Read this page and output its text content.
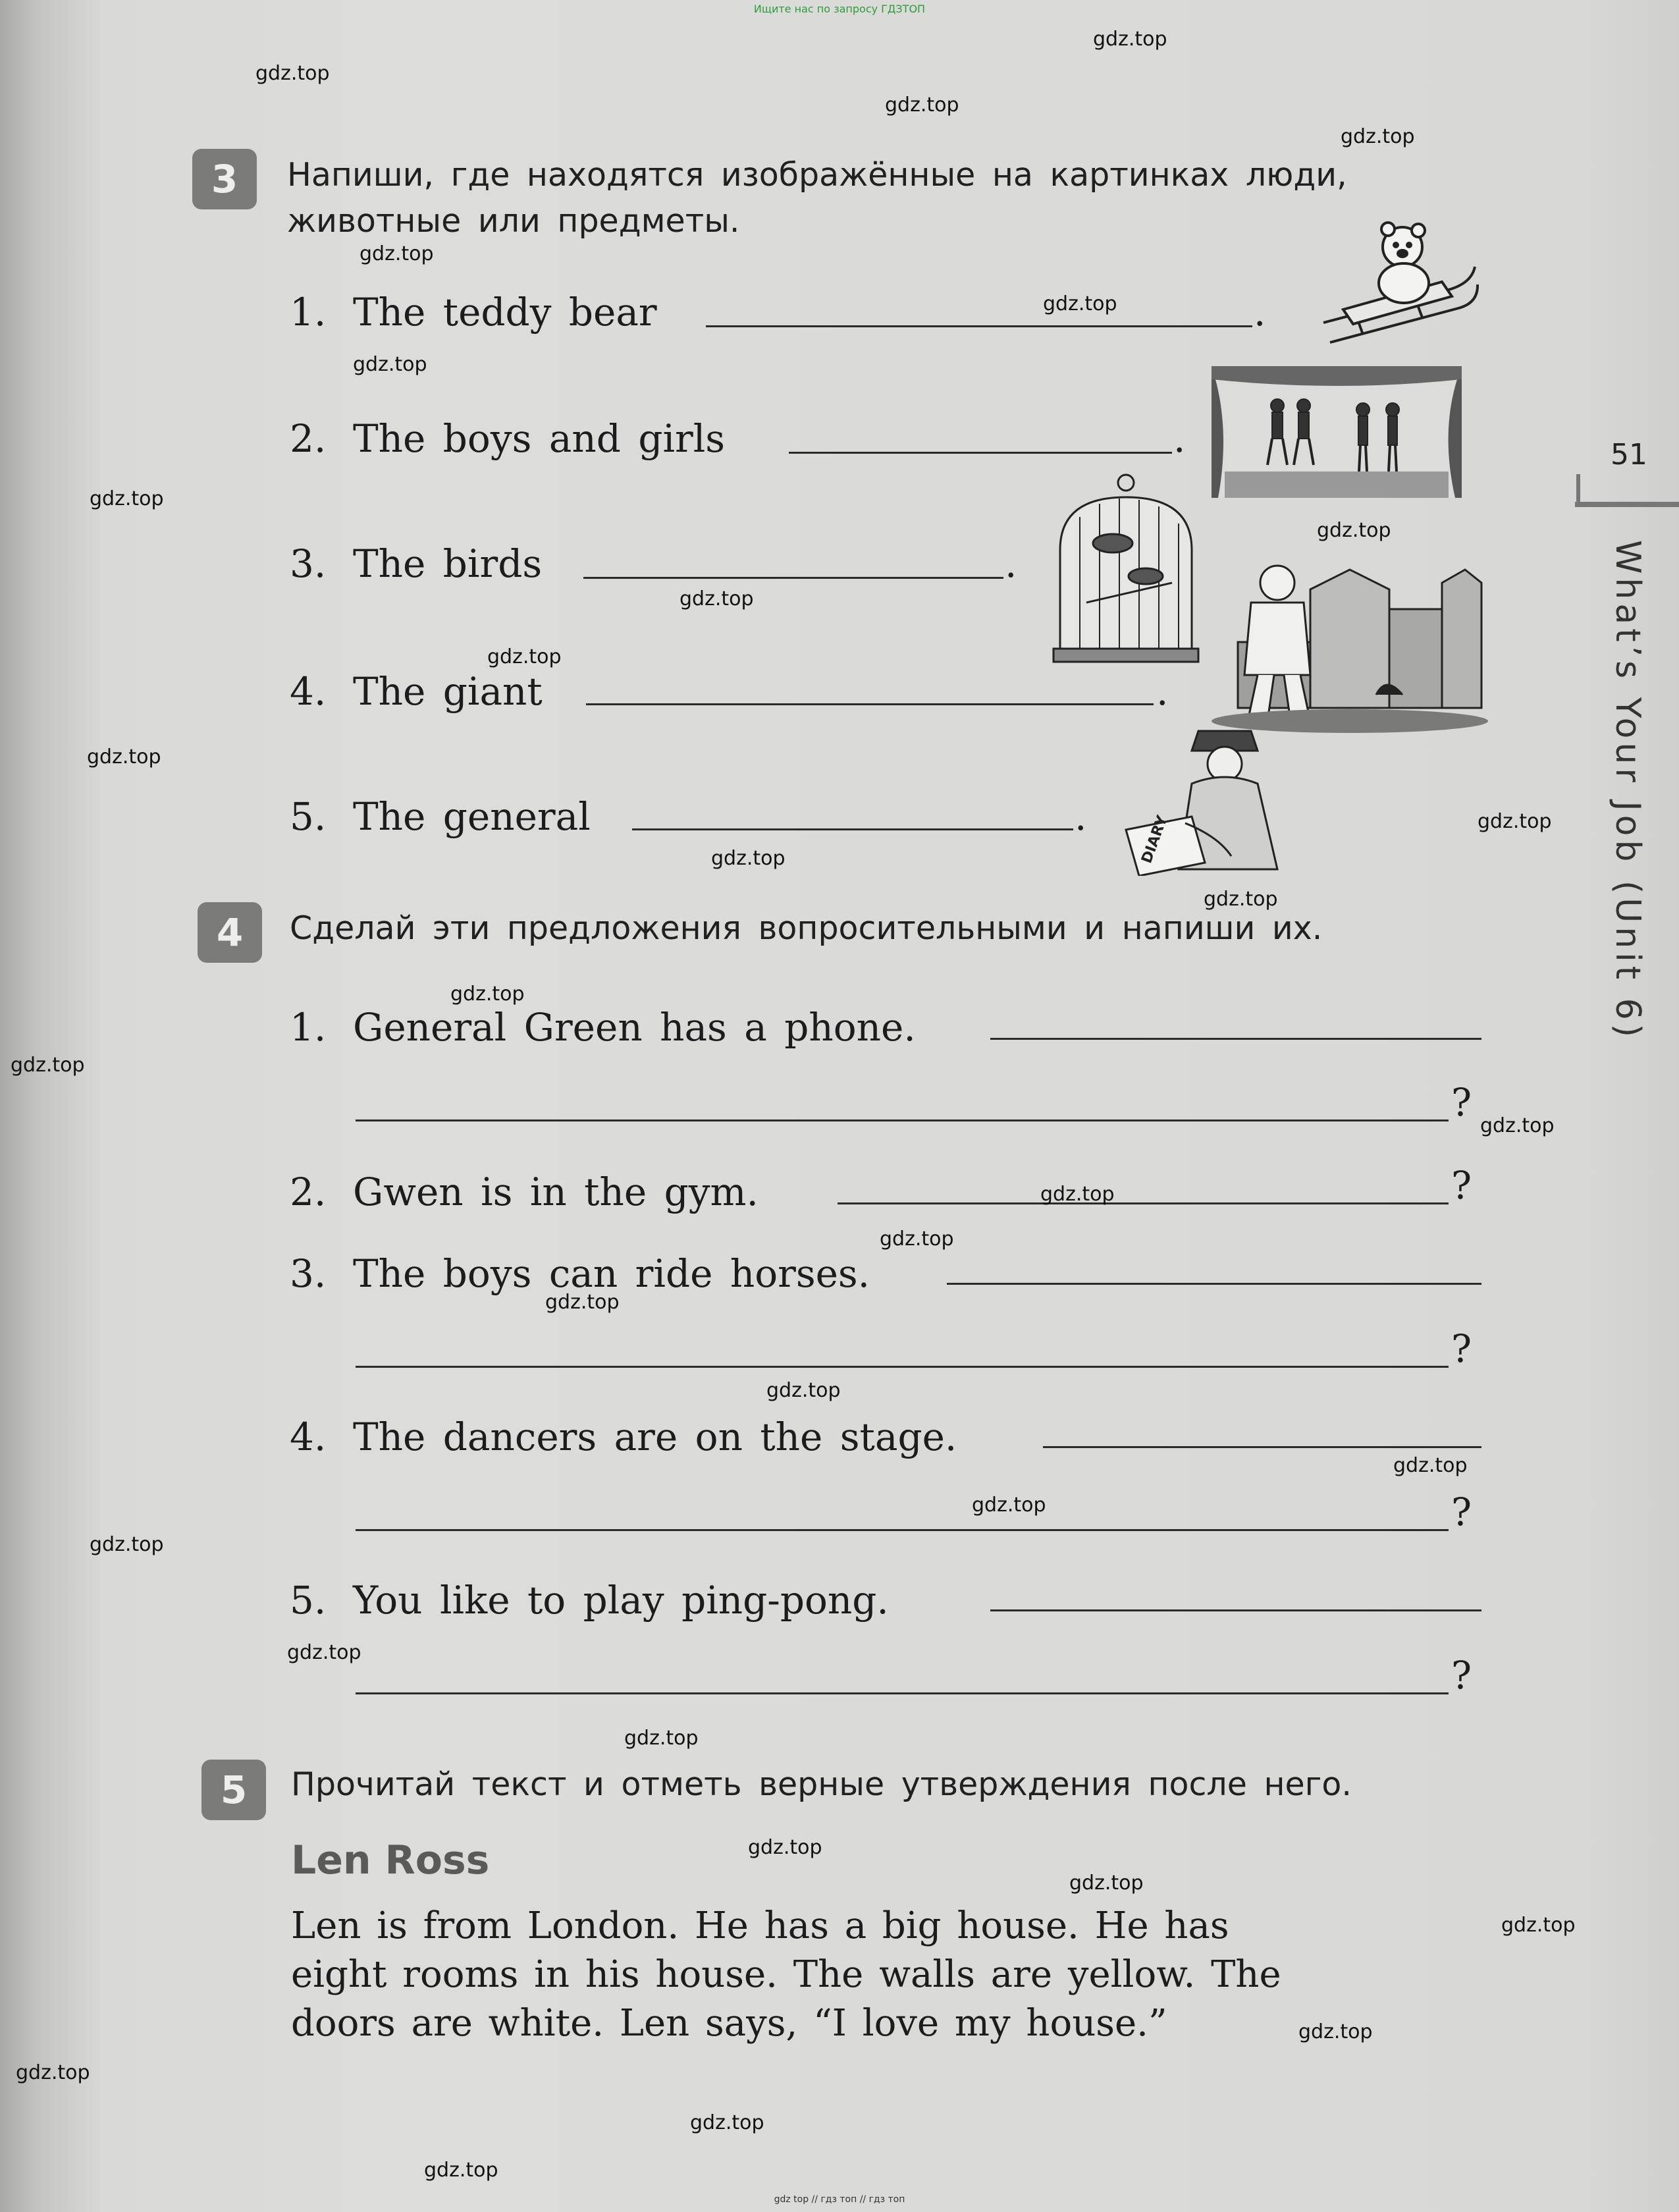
Ищите нас по запросу ГДЗТОП
51
What’s Your Job (Unit 6)
3	Напиши, где находятся изображённые на картинках люди,
животные или предметы.
1. The teddy bear	.
2. The boys and girls	.
3. The birds	.
4. The giant	.
5. The general	.	DIARY
4	Сделай эти предложения вопросительными и напиши их.
1. General Green has a phone.
?
2. Gwen is in the gym.	?
3. The boys can ride horses.
?
4. The dancers are on the stage.
?
5. You like to play ping-pong.
?
5	Прочитай текст и отметь верные утверждения после него.
Len Ross
Len is from London. He has a big house. He has
eight rooms in his house. The walls are yellow. The
doors are white. Len says, “I love my house.”
gdz.top
gdz.top
gdz.top
gdz.top
gdz.top
gdz.top
gdz.top
gdz.top
gdz.top
gdz.top
gdz.top
gdz.top
gdz.top
gdz.top
gdz.top
gdz.top
gdz.top
gdz.top
gdz.top
gdz.top
gdz.top
gdz.top
gdz.top
gdz.top
gdz.top
gdz.top
gdz.top
gdz.top
gdz.top
gdz.top
gdz.top
gdz.top
gdz.top
gdz.top
gdz top // гдз топ // гдз топ
